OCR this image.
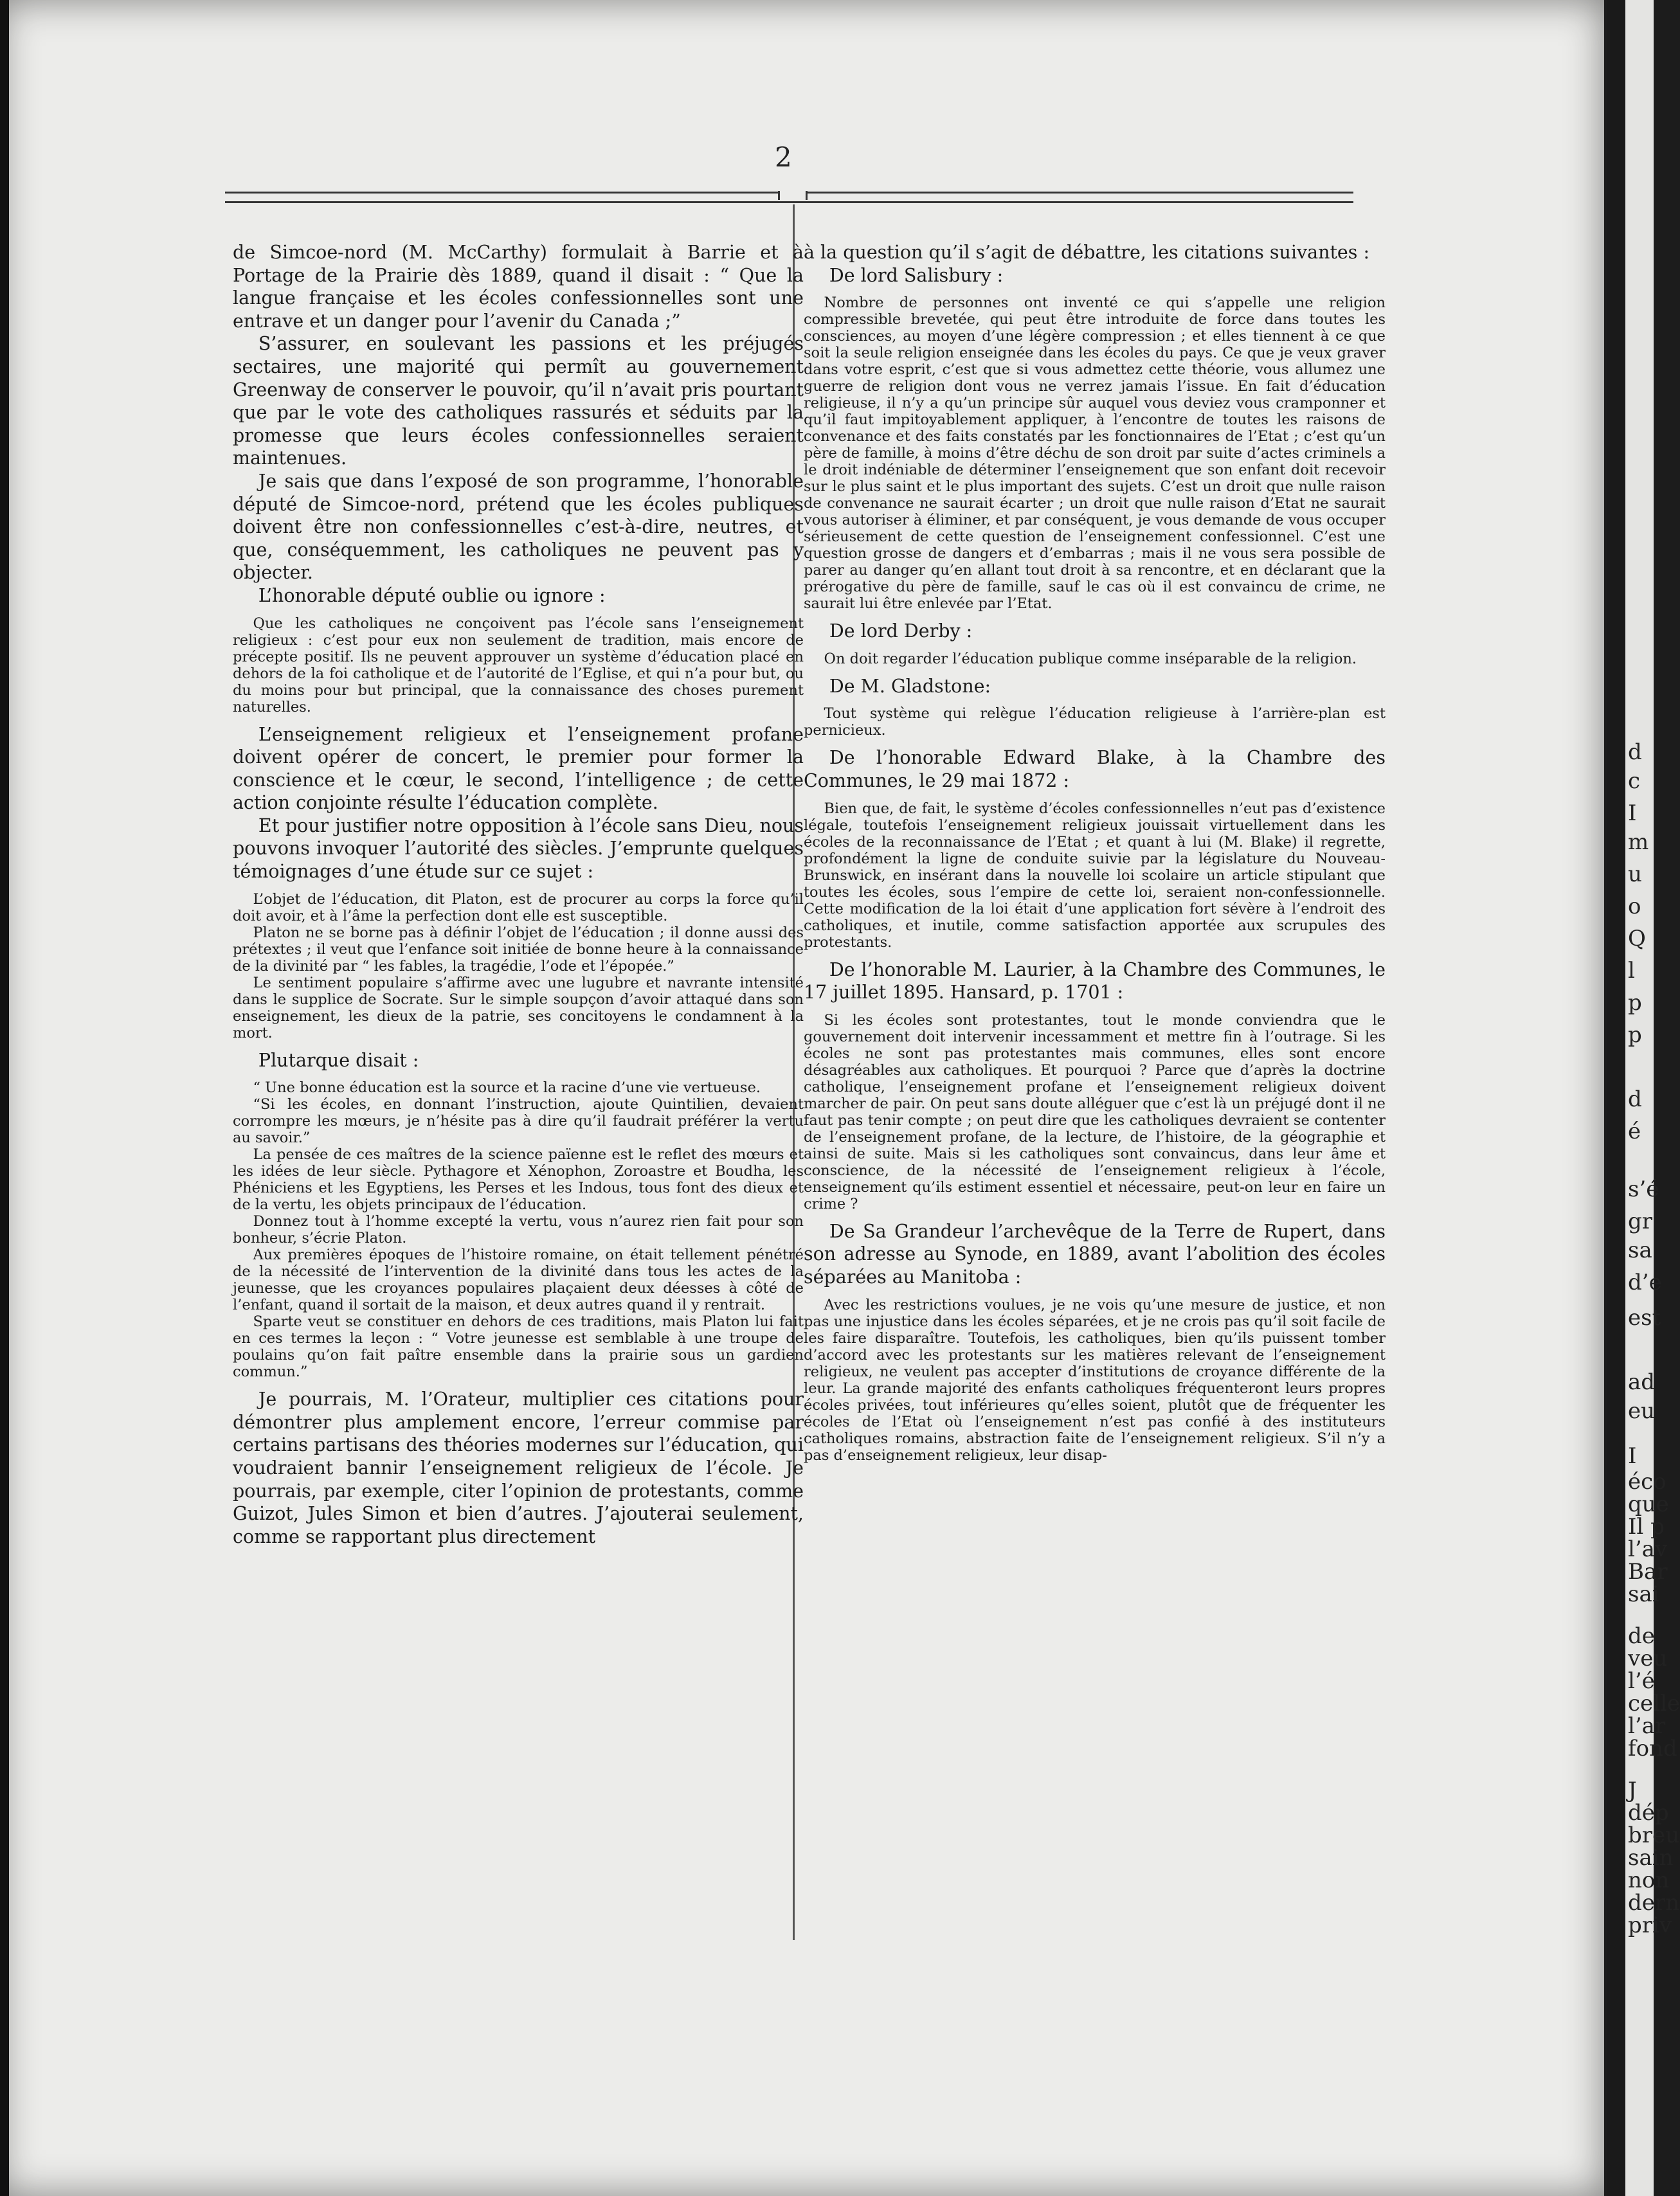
2

de Simcoe-nord (M. McCarthy) formulait à Barrie et à Portage de la Prairie dès 1889, quand il disait : “ Que la langue française et les écoles confessionnelles sont une entrave et un danger pour l’avenir du Canada ;”

S’assurer, en soulevant les passions et les préjugés sectaires, une majorité qui permît au gouvernement Greenway de conserver le pouvoir, qu’il n’avait pris pourtant que par le vote des catholiques rassurés et séduits par la promesse que leurs écoles confessionnelles seraient maintenues.

Je sais que dans l’exposé de son programme, l’honorable député de Simcoe-nord, prétend que les écoles publiques doivent être non confessionnelles c’est-à-dire, neutres, et que, conséquemment, les catholiques ne peuvent pas y objecter.

L’honorable député oublie ou ignore :

Que les catholiques ne conçoivent pas l’école sans l’enseignement religieux : c’est pour eux non seulement de tradition, mais encore de précepte positif. Ils ne peuvent approuver un système d’éducation placé en dehors de la foi catholique et de l’autorité de l’Eglise, et qui n’a pour but, ou du moins pour but principal, que la connaissance des choses purement naturelles.

L’enseignement religieux et l’enseignement profane doivent opérer de concert, le premier pour former la conscience et le cœur, le second, l’intelligence ; de cette action conjointe résulte l’éducation complète.

Et pour justifier notre opposition à l’école sans Dieu, nous pouvons invoquer l’autorité des siècles. J’emprunte quelques témoignages d’une étude sur ce sujet :

L’objet de l’éducation, dit Platon, est de procurer au corps la force qu’il doit avoir, et à l’âme la perfection dont elle est susceptible.

Platon ne se borne pas à définir l’objet de l’éducation ; il donne aussi des prétextes ; il veut que l’enfance soit initiée de bonne heure à la connaissance de la divinité par “ les fables, la tragédie, l’ode et l’épopée.”

Le sentiment populaire s’affirme avec une lugubre et navrante intensité dans le supplice de Socrate. Sur le simple soupçon d’avoir attaqué dans son enseignement, les dieux de la patrie, ses concitoyens le condamnent à la mort.

Plutarque disait :

“ Une bonne éducation est la source et la racine d’une vie vertueuse.

“Si les écoles, en donnant l’instruction, ajoute Quintilien, devaient corrompre les mœurs, je n’hésite pas à dire qu’il faudrait préférer la vertu au savoir.”

La pensée de ces maîtres de la science païenne est le reflet des mœurs et les idées de leur siècle. Pythagore et Xénophon, Zoroastre et Boudha, les Phéniciens et les Egyptiens, les Perses et les Indous, tous font des dieux et de la vertu, les objets principaux de l’éducation.

Donnez tout à l’homme excepté la vertu, vous n’aurez rien fait pour son bonheur, s’écrie Platon.

Aux premières époques de l’histoire romaine, on était tellement pénétré de la nécessité de l’intervention de la divinité dans tous les actes de la jeunesse, que les croyances populaires plaçaient deux déesses à côté de l’enfant, quand il sortait de la maison, et deux autres quand il y rentrait.

Sparte veut se constituer en dehors de ces traditions, mais Platon lui fait en ces termes la leçon : “ Votre jeunesse est semblable à une troupe de poulains qu’on fait paître ensemble dans la prairie sous un gardien commun.”

Je pourrais, M. l’Orateur, multiplier ces citations pour démontrer plus amplement encore, l’erreur commise par certains partisans des théories modernes sur l’éducation, qui voudraient bannir l’enseignement religieux de l’école. Je pourrais, par exemple, citer l’opinion de protestants, comme Guizot, Jules Simon et bien d’autres. J’ajouterai seulement, comme se rapportant plus directement

à la question qu’il s’agit de débattre, les citations suivantes :

De lord Salisbury :

Nombre de personnes ont inventé ce qui s’appelle une religion compressible brevetée, qui peut être introduite de force dans toutes les consciences, au moyen d’une légère compression ; et elles tiennent à ce que soit la seule religion enseignée dans les écoles du pays. Ce que je veux graver dans votre esprit, c’est que si vous admettez cette théorie, vous allumez une guerre de religion dont vous ne verrez jamais l’issue. En fait d’éducation religieuse, il n’y a qu’un principe sûr auquel vous deviez vous cramponner et qu’il faut impitoyablement appliquer, à l’encontre de toutes les raisons de convenance et des faits constatés par les fonctionnaires de l’Etat ; c’est qu’un père de famille, à moins d’être déchu de son droit par suite d’actes criminels a le droit indéniable de déterminer l’enseignement que son enfant doit recevoir sur le plus saint et le plus important des sujets. C’est un droit que nulle raison de convenance ne saurait écarter ; un droit que nulle raison d’Etat ne saurait vous autoriser à éliminer, et par conséquent, je vous demande de vous occuper sérieusement de cette question de l’enseignement confessionnel. C’est une question grosse de dangers et d’embarras ; mais il ne vous sera possible de parer au danger qu’en allant tout droit à sa rencontre, et en déclarant que la prérogative du père de famille, sauf le cas où il est convaincu de crime, ne saurait lui être enlevée par l’Etat.

De lord Derby :

On doit regarder l’éducation publique comme inséparable de la religion.

De M. Gladstone:

Tout système qui relègue l’éducation religieuse à l’arrière-plan est pernicieux.

De l’honorable Edward Blake, à la Chambre des Communes, le 29 mai 1872 :

Bien que, de fait, le système d’écoles confessionnelles n’eut pas d’existence légale, toutefois l’enseignement religieux jouissait virtuellement dans les écoles de la reconnaissance de l’Etat ; et quant à lui (M. Blake) il regrette, profondément la ligne de conduite suivie par la législature du Nouveau-Brunswick, en insérant dans la nouvelle loi scolaire un article stipulant que toutes les écoles, sous l’empire de cette loi, seraient non-confessionnelle. Cette modification de la loi était d’une application fort sévère à l’endroit des catholiques, et inutile, comme satisfaction apportée aux scrupules des protestants.

De l’honorable M. Laurier, à la Chambre des Communes, le 17 juillet 1895. Hansard, p. 1701 :

Si les écoles sont protestantes, tout le monde conviendra que le gouvernement doit intervenir incessamment et mettre fin à l’outrage. Si les écoles ne sont pas protestantes mais communes, elles sont encore désagréables aux catholiques. Et pourquoi ? Parce que d’après la doctrine catholique, l’enseignement profane et l’enseignement religieux doivent marcher de pair. On peut sans doute alléguer que c’est là un préjugé dont il ne faut pas tenir compte ; on peut dire que les catholiques devraient se contenter de l’enseignement profane, de la lecture, de l’histoire, de la géographie et ainsi de suite. Mais si les catholiques sont convaincus, dans leur âme et conscience, de la nécessité de l’enseignement religieux à l’école, enseignement qu’ils estiment essentiel et nécessaire, peut-on leur en faire un crime ?

De Sa Grandeur l’archevêque de la Terre de Rupert, dans son adresse au Synode, en 1889, avant l’abolition des écoles séparées au Manitoba :

Avec les restrictions voulues, je ne vois qu’une mesure de justice, et non pas une injustice dans les écoles séparées, et je ne crois pas qu’il soit facile de les faire disparaître. Toutefois, les catholiques, bien qu’ils puissent tomber d’accord avec les protestants sur les matières relevant de l’enseignement religieux, ne veulent pas accepter d’institutions de croyance différente de la leur. La grande majorité des enfants catholiques fréquenteront leurs propres écoles privées, tout inférieures qu’elles soient, plutôt que de fréquenter les écoles de l’Etat où l’enseignement n’est pas confié à des instituteurs catholiques romains, abstraction faite de l’enseignement religieux. S’il n’y a pas d’enseignement religieux, leur disap-

d
c
I
m
u
o
Q
l
p
p
d
é
s’é
gr
sa
d’e
est
ad
eu
I
éco
que
Il p
l’av
Bar
sai
de
veu
l’é
celle
l’ar
fond
J
dép
breu
sain
non
dern
priv
